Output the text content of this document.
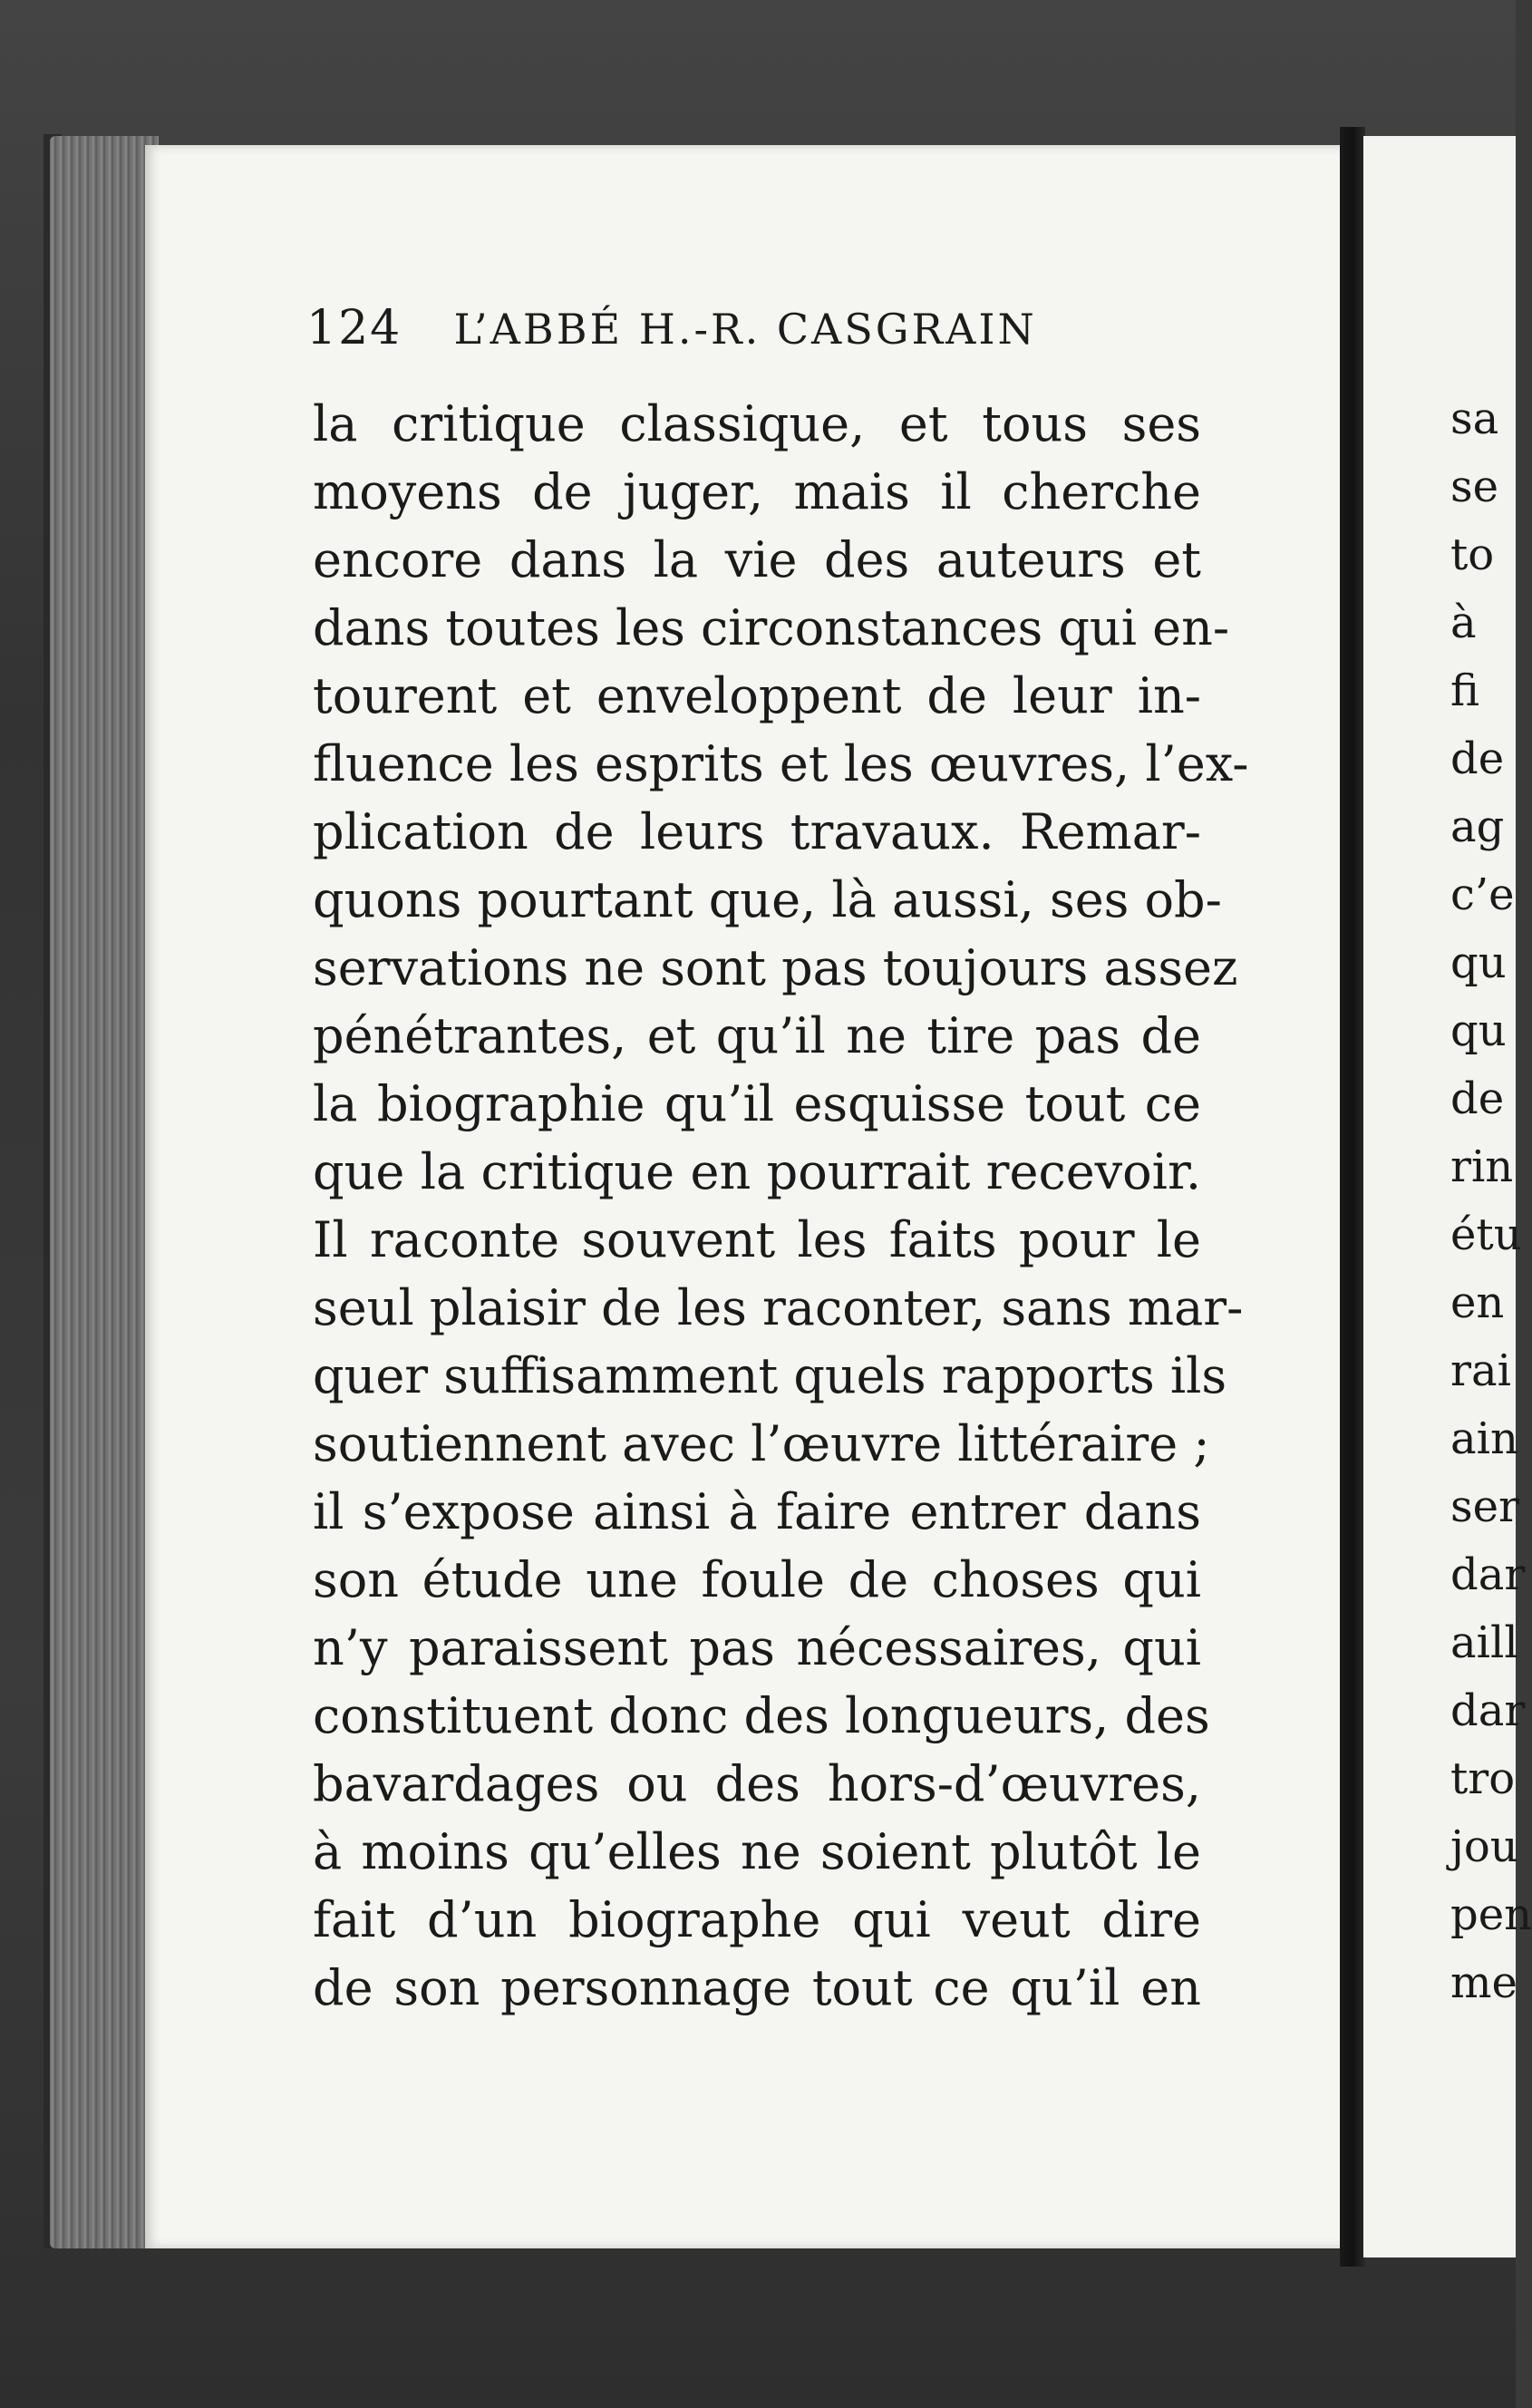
124 L’ABBÉ H.-R. CASGRAIN
la critique classique, et tous ses
moyens de juger, mais il cherche
encore dans la vie des auteurs et
dans toutes les circonstances qui en-
tourent et enveloppent de leur in-
fluence les esprits et les œuvres, l’ex-
plication de leurs travaux. Remar-
quons pourtant que, là aussi, ses ob-
servations ne sont pas toujours assez
pénétrantes, et qu’il ne tire pas de
la biographie qu’il esquisse tout ce
que la critique en pourrait recevoir.
Il raconte souvent les faits pour le
seul plaisir de les raconter, sans mar-
quer suffisamment quels rapports ils
soutiennent avec l’œuvre littéraire ;
il s’expose ainsi à faire entrer dans
son étude une foule de choses qui
n’y paraissent pas nécessaires, qui
constituent donc des longueurs, des
bavardages ou des hors-d’œuvres,
à moins qu’elles ne soient plutôt le
fait d’un biographe qui veut dire
de son personnage tout ce qu’il en
sa
se
to
à
fi
de
ag
c’e
qu
qu
de
rin
étu
en
rai
ain
ser
dar
aill
dar
tro
jou
pen
me
